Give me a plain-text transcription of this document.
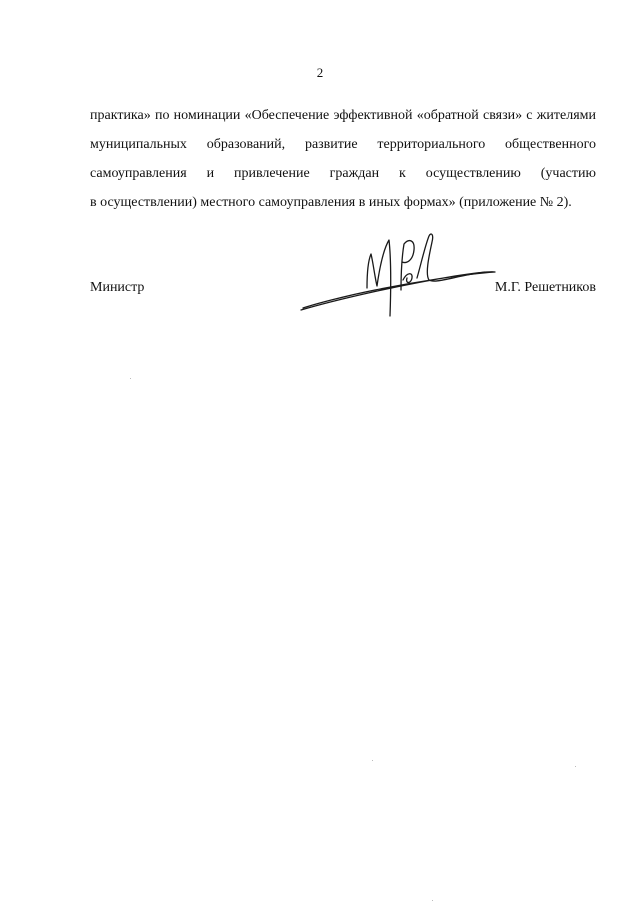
2
практика» по номинации «Обеспечение эффективной «обратной связи» с жителями
муниципальных образований, развитие территориального общественного
самоуправления и привлечение граждан к осуществлению (участию
в осуществлении) местного самоуправления в иных формах» (приложение № 2).
Министр	М.Г. Решетников
